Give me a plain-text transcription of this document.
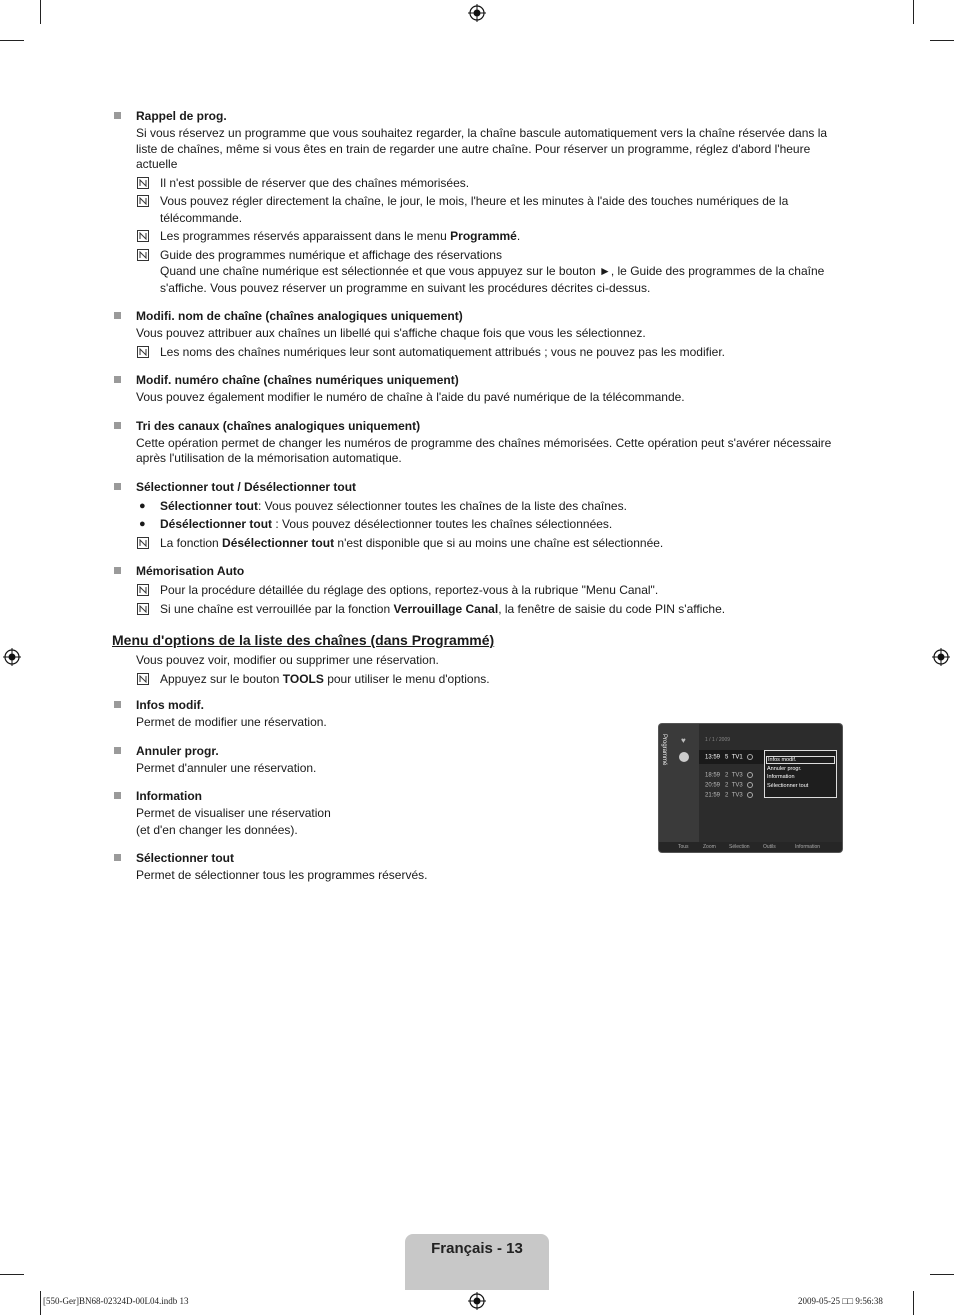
Rappel de prog.
Si vous réservez un programme que vous souhaitez regarder, la chaîne bascule automatiquement vers la chaîne réservée dans la liste de chaînes, même si vous êtes en train de regarder une autre chaîne. Pour réserver un programme, réglez d'abord l'heure actuelle
Il n'est possible de réserver que des chaînes mémorisées.
Vous pouvez régler directement la chaîne, le jour, le mois, l'heure et les minutes à l'aide des touches numériques de la télécommande.
Les programmes réservés apparaissent dans le menu Programmé.
Guide des programmes numérique et affichage des réservations
Quand une chaîne numérique est sélectionnée et que vous appuyez sur le bouton ►, le Guide des programmes de la chaîne s'affiche. Vous pouvez réserver un programme en suivant les procédures décrites ci-dessus.
Modifi. nom de chaîne (chaînes analogiques uniquement)
Vous pouvez attribuer aux chaînes un libellé qui s'affiche chaque fois que vous les sélectionnez.
Les noms des chaînes numériques leur sont automatiquement attribués ; vous ne pouvez pas les modifier.
Modif. numéro chaîne (chaînes numériques uniquement)
Vous pouvez également modifier le numéro de chaîne à l'aide du pavé numérique de la télécommande.
Tri des canaux (chaînes analogiques uniquement)
Cette opération permet de changer les numéros de programme des chaînes mémorisées. Cette opération peut s'avérer nécessaire après l'utilisation de la mémorisation automatique.
Sélectionner tout / Désélectionner tout
● Sélectionner tout: Vous pouvez sélectionner toutes les chaînes de la liste des chaînes.
● Désélectionner tout : Vous pouvez désélectionner toutes les chaînes sélectionnées.
La fonction Désélectionner tout n'est disponible que si au moins une chaîne est sélectionnée.
Mémorisation Auto
Pour la procédure détaillée du réglage des options, reportez-vous à la rubrique "Menu Canal".
Si une chaîne est verrouillée par la fonction Verrouillage Canal, la fenêtre de saisie du code PIN s'affiche.
Menu d'options de la liste des chaînes (dans Programmé)
Vous pouvez voir, modifier ou supprimer une réservation.
Appuyez sur le bouton TOOLS pour utiliser le menu d'options.
Infos modif.
Permet de modifier une réservation.
Annuler progr.
Permet d'annuler une réservation.
Information
Permet de visualiser une réservation
(et d'en changer les données).
Sélectionner tout
Permet de sélectionner tous les programmes réservés.
Programmé ♥	1 / 1 / 2009
13:59 5 TV1
18:59 2 TV3
20:59 2 TV3
21:59 2 TV3
Infos modif.
Annuler progr.
Information
Sélectionner tout
Tous	Zoom	Sélection	Outils	Information
Français - 13
[550-Ger]BN68-02324D-00L04.indb 13	2009-05-25 □□ 9:56:38
